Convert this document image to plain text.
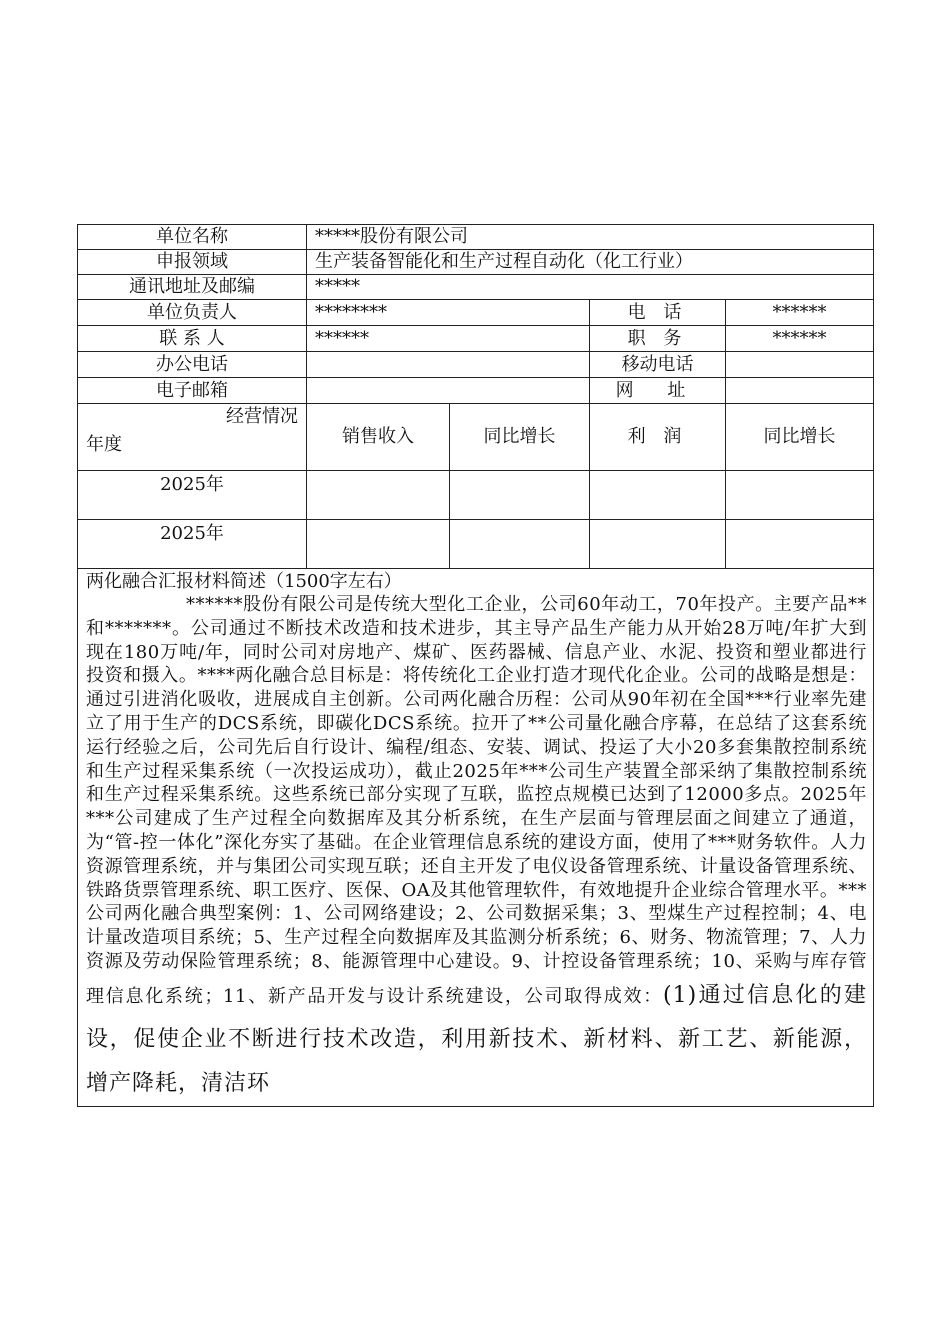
单位名称	*****股份有限公司			
申报领域	生产装备智能化和生产过程自动化（化工行业）			
通讯地址及邮编	*****			
单位负责人	********		电 话	******
联 系 人	******		职 务	******
办公电话			移动电话	
电子邮箱			网 址	

经营情况
年度	销售收入	同比增长	利 润	同比增长
2025年				
2025年				

两化融合汇报材料简述（1500字左右）
******股份有限公司是传统大型化工企业，公司60年动工，70年投产。主要产品**和*******。公司通过不断技术改造和技术进步，其主导产品生产能力从开始28万吨/年扩大到现在180万吨/年，同时公司对房地产、煤矿、医药器械、信息产业、水泥、投资和塑业都进行投资和摄入。****两化融合总目标是：将传统化工企业打造才现代化企业。公司的战略是想是：通过引进消化吸收，进展成自主创新。公司两化融合历程：公司从90年初在全国***行业率先建立了用于生产的DCS系统，即碳化DCS系统。拉开了**公司量化融合序幕，在总结了这套系统运行经验之后，公司先后自行设计、编程/组态、安装、调试、投运了大小20多套集散控制系统和生产过程采集系统（一次投运成功），截止2025年***公司生产装置全部采纳了集散控制系统和生产过程采集系统。这些系统已部分实现了互联，监控点规模已达到了12000多点。2025年***公司建成了生产过程全向数据库及其分析系统，在生产层面与管理层面之间建立了通道，为“管-控一体化”深化夯实了基础。在企业管理信息系统的建设方面，使用了***财务软件。人力资源管理系统，并与集团公司实现互联；还自主开发了电仪设备管理系统、计量设备管理系统、铁路货票管理系统、职工医疗、医保、OA及其他管理软件，有效地提升企业综合管理水平。***公司两化融合典型案例：1、公司网络建设；2、公司数据采集；3、型煤生产过程控制；4、电计量改造项目系统；5、生产过程全向数据库及其监测分析系统；6、财务、物流管理；7、人力资源及劳动保险管理系统；8、能源管理中心建设。9、计控设备管理系统；10、采购与库存管理信息化系统；11、新产品开发与设计系统建设，公司取得成效：(1)通过信息化的建设，促使企业不断进行技术改造，利用新技术、新材料、新工艺、新能源，增产降耗，清洁环				
